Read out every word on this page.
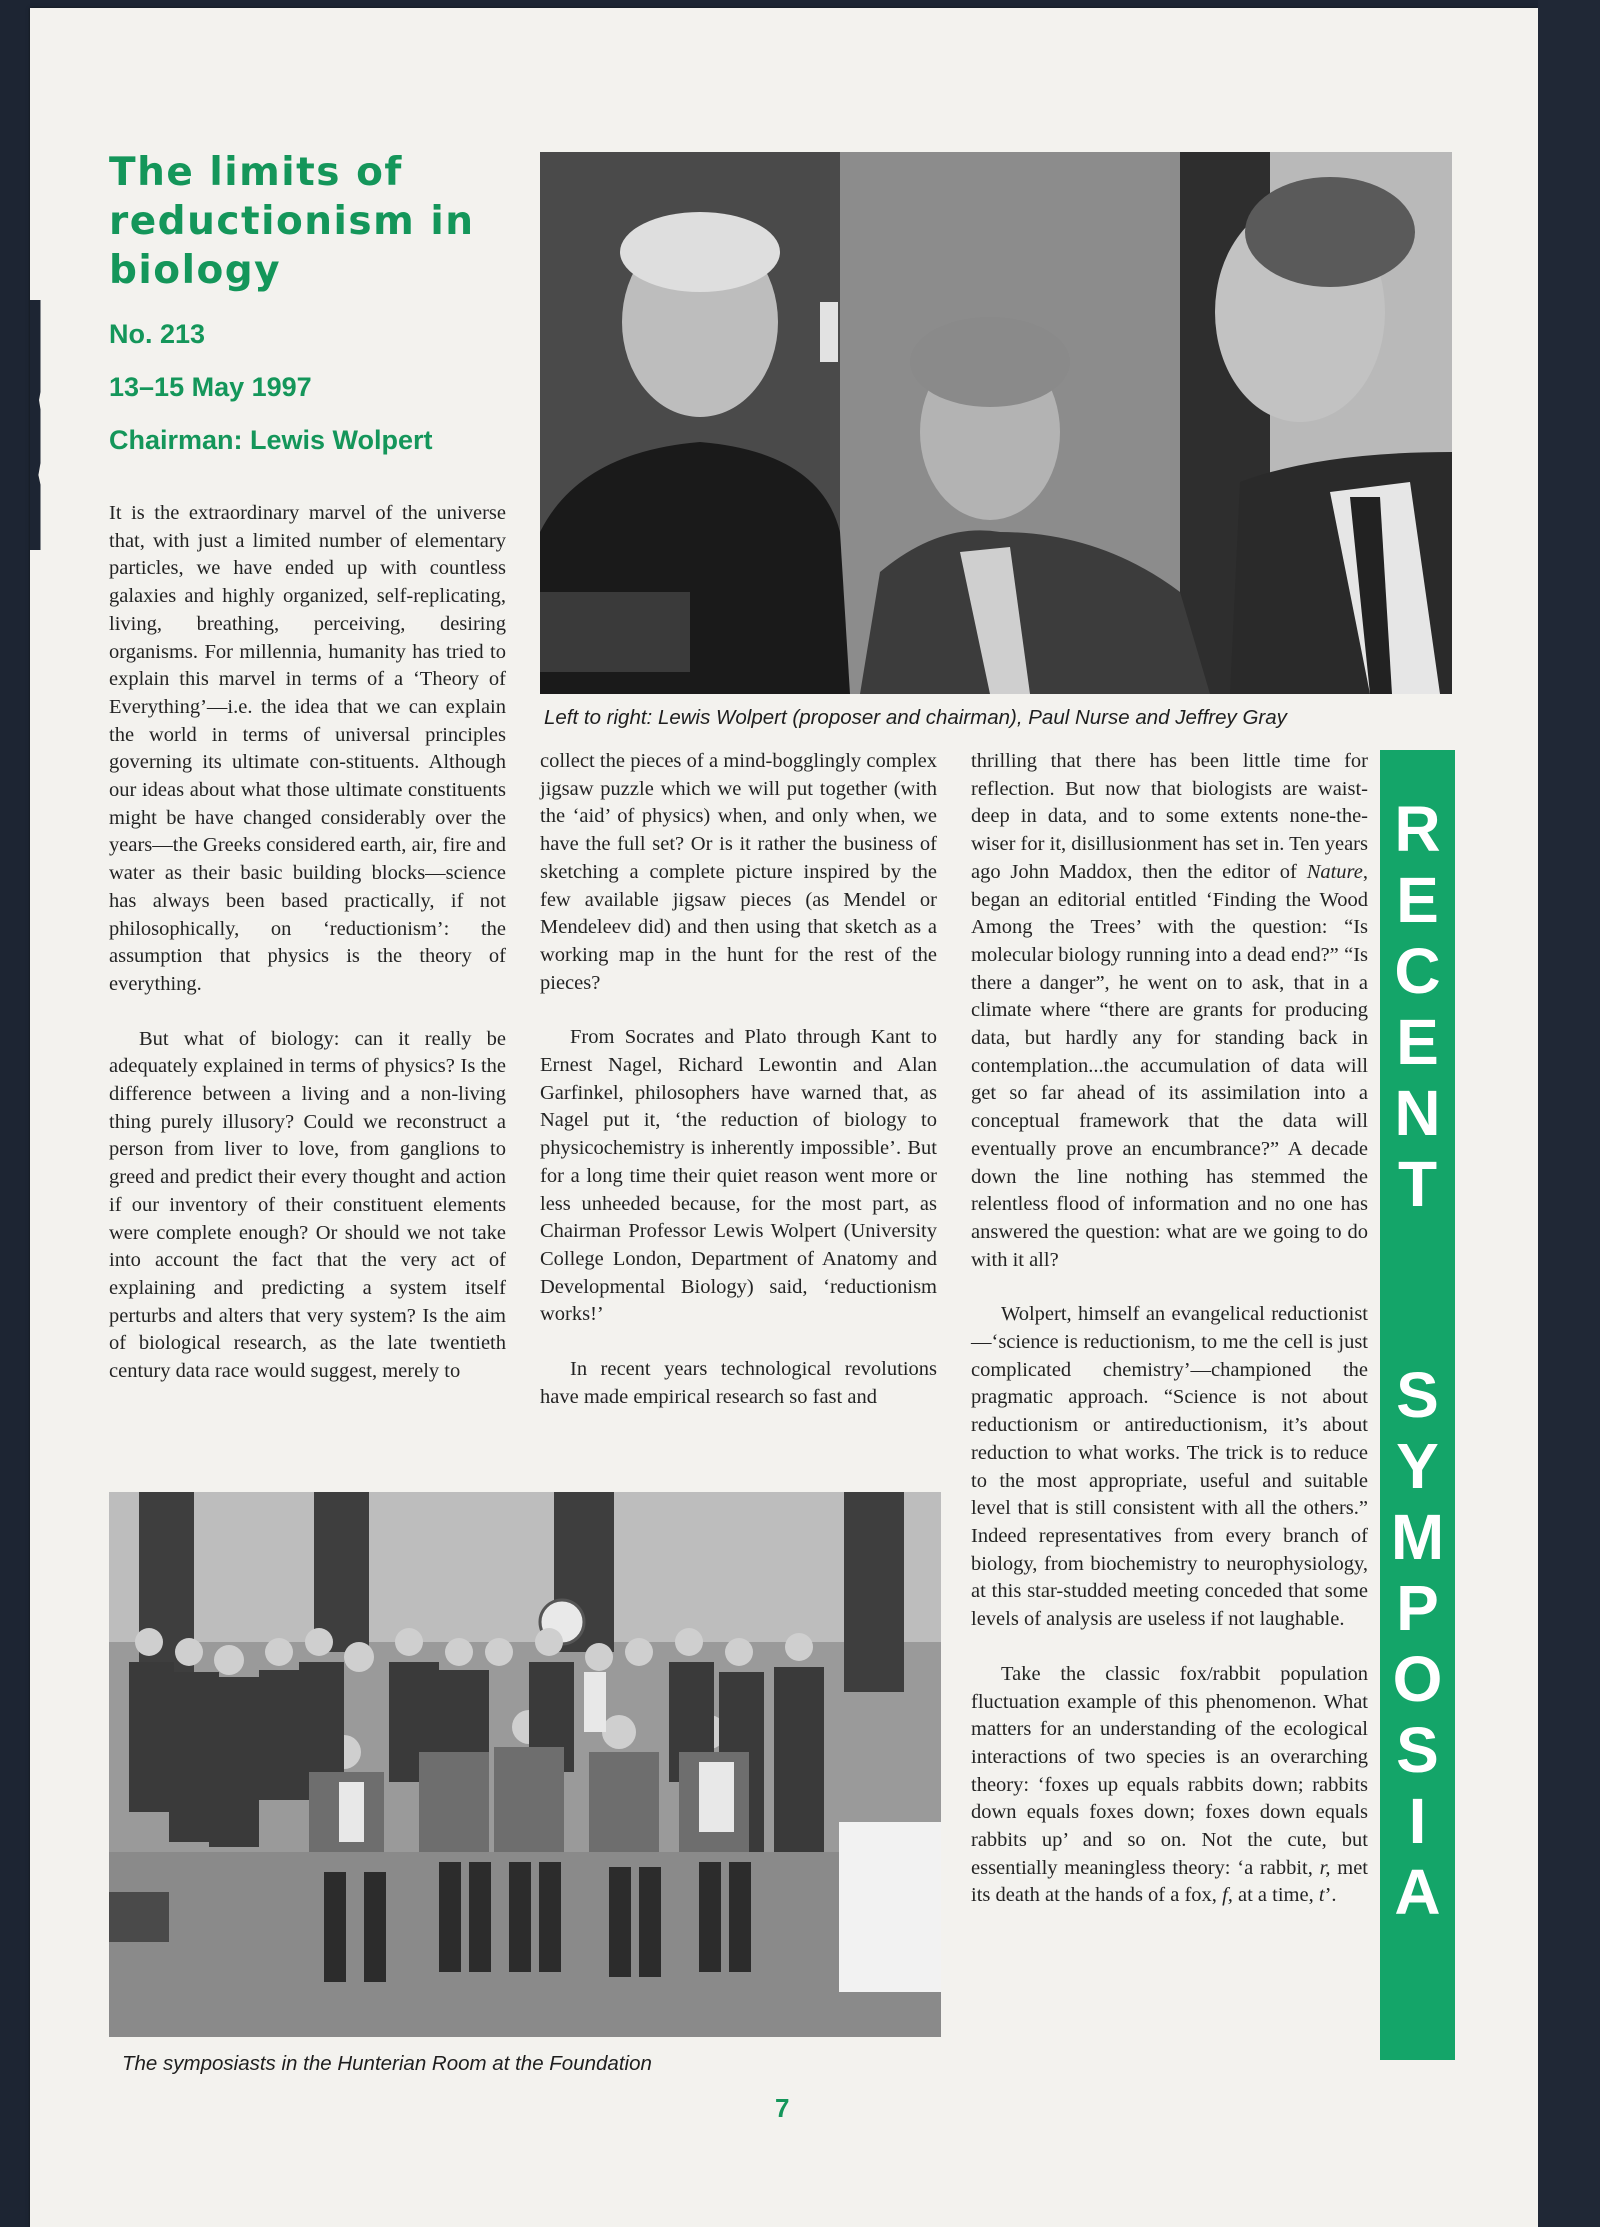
The limits of reductionism in biology

No. 213

13–15 May 1997

Chairman: Lewis Wolpert

Left to right: Lewis Wolpert (proposer and chairman), Paul Nurse and Jeffrey Gray

It is the extraordinary marvel of the universe that, with just a limited number of elementary particles, we have ended up with countless galaxies and highly organized, self-replicating, living, breathing, perceiving, desiring organisms. For millennia, humanity has tried to explain this marvel in terms of a ‘Theory of Everything’—i.e. the idea that we can explain the world in terms of universal principles governing its ultimate con-stituents. Although our ideas about what those ultimate constituents might be have changed considerably over the years—the Greeks considered earth, air, fire and water as their basic building blocks—science has always been based practically, if not philosophically, on ‘reductionism’: the assumption that physics is the theory of everything.

But what of biology: can it really be adequately explained in terms of physics? Is the difference between a living and a non-living thing purely illusory? Could we reconstruct a person from liver to love, from ganglions to greed and predict their every thought and action if our inventory of their constituent elements were complete enough? Or should we not take into account the fact that the very act of explaining and predicting a system itself perturbs and alters that very system? Is the aim of biological research, as the late twentieth century data race would suggest, merely to

collect the pieces of a mind-bogglingly complex jigsaw puzzle which we will put together (with the ‘aid’ of physics) when, and only when, we have the full set? Or is it rather the business of sketching a complete picture inspired by the few available jigsaw pieces (as Mendel or Mendeleev did) and then using that sketch as a working map in the hunt for the rest of the pieces?

From Socrates and Plato through Kant to Ernest Nagel, Richard Lewontin and Alan Garfinkel, philosophers have warned that, as Nagel put it, ‘the reduction of biology to physicochemistry is inherently impossible’. But for a long time their quiet reason went more or less unheeded because, for the most part, as Chairman Professor Lewis Wolpert (University College London, Department of Anatomy and Developmental Biology) said, ‘reductionism works!’

In recent years technological revolutions have made empirical research so fast and

thrilling that there has been little time for reflection. But now that biologists are waist-deep in data, and to some extents none-the-wiser for it, disillusionment has set in. Ten years ago John Maddox, then the editor of Nature, began an editorial entitled ‘Finding the Wood Among the Trees’ with the question: “Is molecular biology running into a dead end?” “Is there a danger”, he went on to ask, that in a climate where “there are grants for producing data, but hardly any for standing back in contemplation...the accumulation of data will get so far ahead of its assimilation into a conceptual framework that the data will eventually prove an encumbrance?” A decade down the line nothing has stemmed the relentless flood of information and no one has answered the question: what are we going to do with it all?

Wolpert, himself an evangelical reductionist—‘science is reductionism, to me the cell is just complicated chemistry’—championed the pragmatic approach. “Science is not about reductionism or antireductionism, it’s about reduction to what works. The trick is to reduce to the most appropriate, useful and suitable level that is still consistent with all the others.” Indeed representatives from every branch of biology, from biochemistry to neurophysiology, at this star-studded meeting conceded that some levels of analysis are useless if not laughable.

Take the classic fox/rabbit population fluctuation example of this phenomenon. What matters for an understanding of the ecological interactions of two species is an overarching theory: ‘foxes up equals rabbits down; rabbits down equals foxes down; foxes down equals rabbits up’ and so on. Not the cute, but essentially meaningless theory: ‘a rabbit, r, met its death at the hands of a fox, f, at a time, t’.

The symposiasts in the Hunterian Room at the Foundation

R
E
C
E
N
T
S
Y
M
P
O
S
I
A

7
